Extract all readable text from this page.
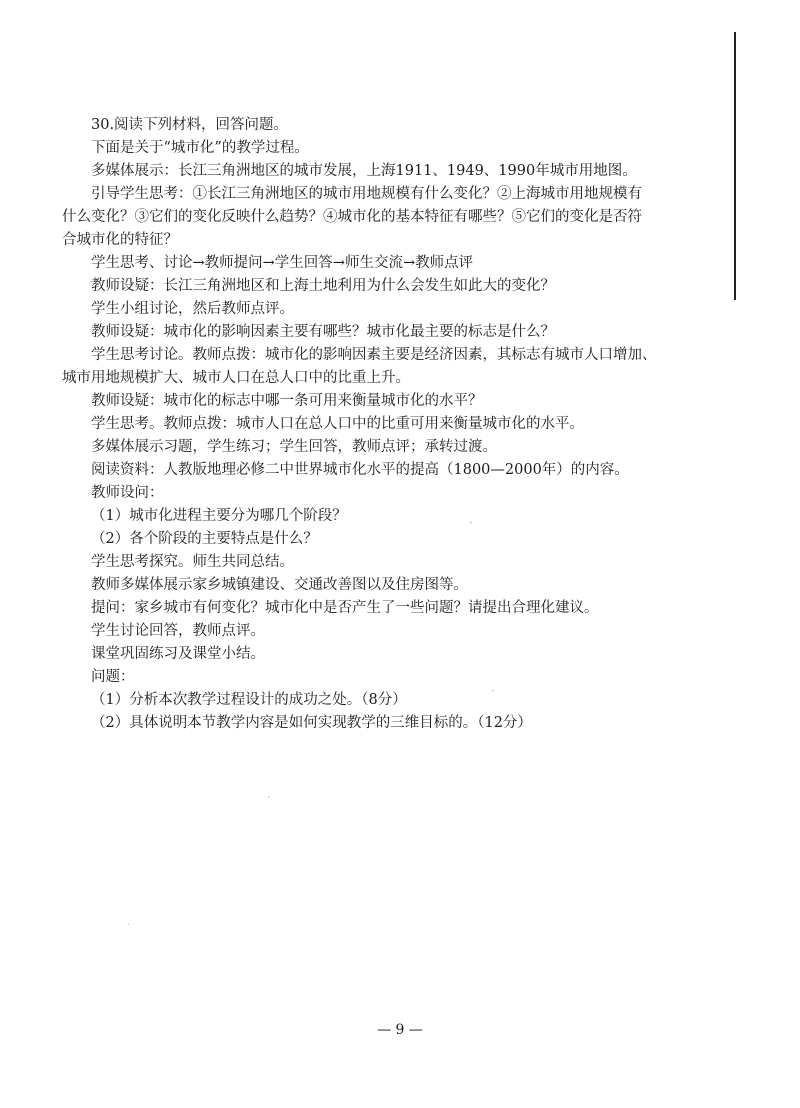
30.阅读下列材料，回答问题。
下面是关于“城市化”的教学过程。
多媒体展示：长江三角洲地区的城市发展，上海1911、1949、1990年城市用地图。
引导学生思考：①长江三角洲地区的城市用地规模有什么变化？②上海城市用地规模有
什么变化？③它们的变化反映什么趋势？④城市化的基本特征有哪些？⑤它们的变化是否符
合城市化的特征？
学生思考、讨论→教师提问→学生回答→师生交流→教师点评
教师设疑：长江三角洲地区和上海土地利用为什么会发生如此大的变化？
学生小组讨论，然后教师点评。
教师设疑：城市化的影响因素主要有哪些？城市化最主要的标志是什么？
学生思考讨论。教师点拨：城市化的影响因素主要是经济因素，其标志有城市人口增加、
城市用地规模扩大、城市人口在总人口中的比重上升。
教师设疑：城市化的标志中哪一条可用来衡量城市化的水平？
学生思考。教师点拨：城市人口在总人口中的比重可用来衡量城市化的水平。
多媒体展示习题，学生练习；学生回答，教师点评；承转过渡。
阅读资料：人教版地理必修二中世界城市化水平的提高（1800—2000年）的内容。
教师设问：
（1）城市化进程主要分为哪几个阶段？
（2）各个阶段的主要特点是什么？
学生思考探究。师生共同总结。
教师多媒体展示家乡城镇建设、交通改善图以及住房图等。
提问：家乡城市有何变化？城市化中是否产生了一些问题？请提出合理化建议。
学生讨论回答，教师点评。
课堂巩固练习及课堂小结。
问题：
（1）分析本次教学过程设计的成功之处。（8分）
（2）具体说明本节教学内容是如何实现教学的三维目标的。（12分）
— 9 —
